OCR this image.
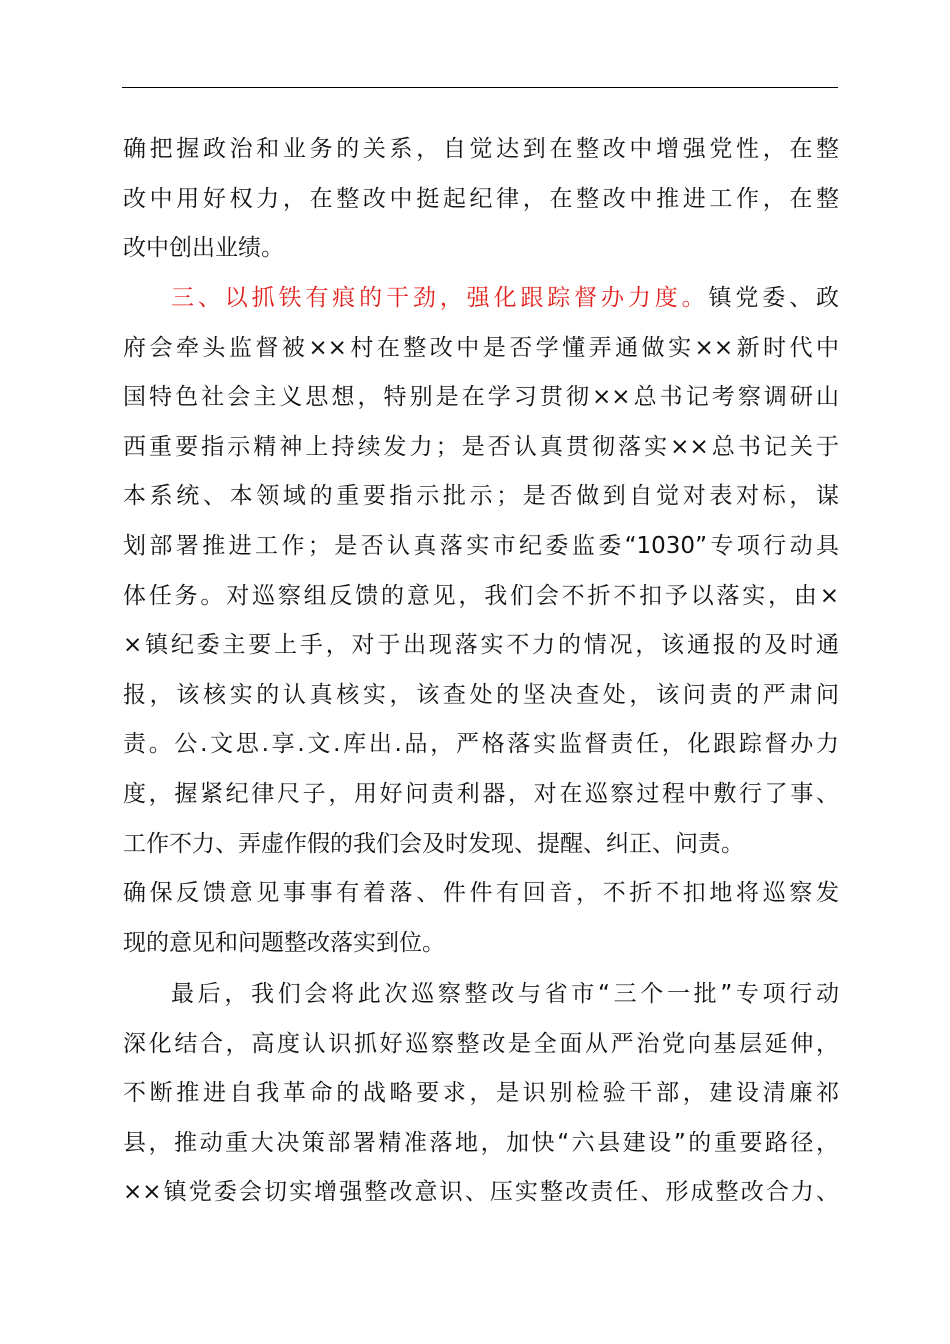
确把握政治和业务的关系，自觉达到在整改中增强党性，在整
改中用好权力，在整改中挺起纪律，在整改中推进工作，在整
改中创出业绩。
三、以抓铁有痕的干劲，强化跟踪督办力度。镇党委、政
府会牵头监督被××村在整改中是否学懂弄通做实××新时代中
国特色社会主义思想，特别是在学习贯彻××总书记考察调研山
西重要指示精神上持续发力；是否认真贯彻落实××总书记关于
本系统、本领域的重要指示批示；是否做到自觉对表对标，谋
划部署推进工作；是否认真落实市纪委监委“1030”专项行动具
体任务。对巡察组反馈的意见，我们会不折不扣予以落实，由×
×镇纪委主要上手，对于出现落实不力的情况，该通报的及时通
报，该核实的认真核实，该查处的坚决查处，该问责的严肃问
责。公.文思.享.文.库出.品，严格落实监督责任，化跟踪督办力
度，握紧纪律尺子，用好问责利器，对在巡察过程中敷行了事、
工作不力、弄虚作假的我们会及时发现、提醒、纠正、问责。
确保反馈意见事事有着落、件件有回音，不折不扣地将巡察发
现的意见和问题整改落实到位。
最后，我们会将此次巡察整改与省市“三个一批”专项行动
深化结合，高度认识抓好巡察整改是全面从严治党向基层延伸，
不断推进自我革命的战略要求，是识别检验干部，建设清廉祁
县，推动重大决策部署精准落地，加快“六县建设”的重要路径，
××镇党委会切实增强整改意识、压实整改责任、形成整改合力、
